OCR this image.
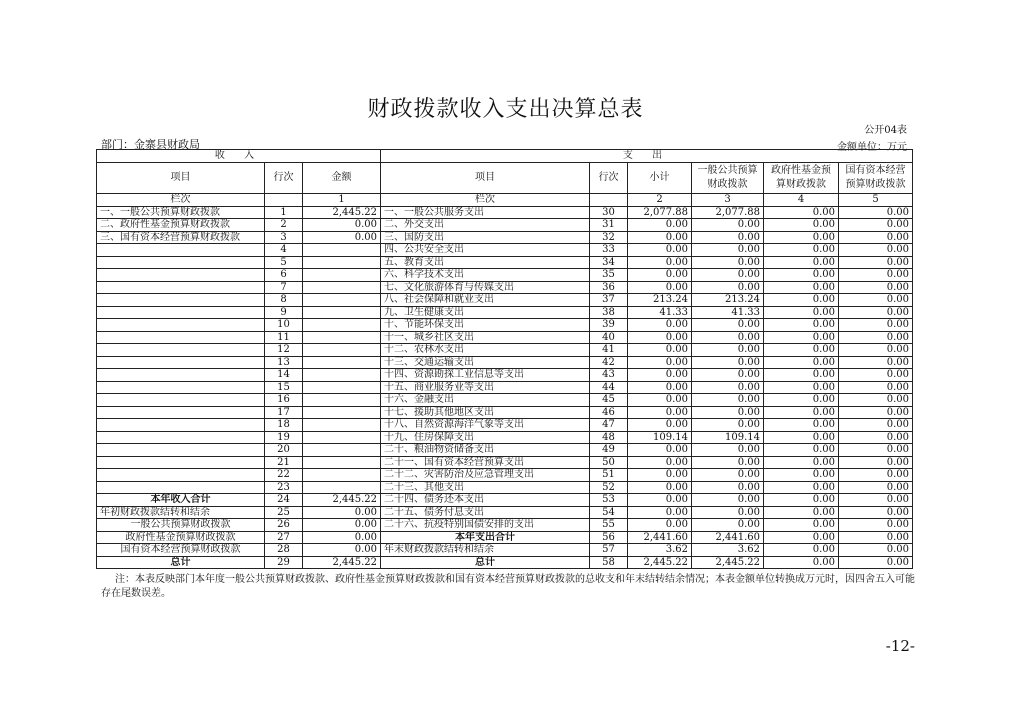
财政拨款收入支出决算总表
公开04表
部门：金寨县财政局	金额单位：万元
收 入			支 出					
项目	行次	金额	项目	行次	小计	一般公共预算财政拨款	政府性基金预算财政拨款	国有资本经营预算财政拨款
栏次		1	栏次		2	3	4	5
一、一般公共预算财政拨款	1	2,445.22	一、一般公共服务支出	30	2,077.88	2,077.88	0.00	0.00
二、政府性基金预算财政拨款	2	0.00	二、外交支出	31	0.00	0.00	0.00	0.00
三、国有资本经营预算财政拨款	3	0.00	三、国防支出	32	0.00	0.00	0.00	0.00
	4		四、公共安全支出	33	0.00	0.00	0.00	0.00
	5		五、教育支出	34	0.00	0.00	0.00	0.00
	6		六、科学技术支出	35	0.00	0.00	0.00	0.00
	7		七、文化旅游体育与传媒支出	36	0.00	0.00	0.00	0.00
	8		八、社会保障和就业支出	37	213.24	213.24	0.00	0.00
	9		九、卫生健康支出	38	41.33	41.33	0.00	0.00
	10		十、节能环保支出	39	0.00	0.00	0.00	0.00
	11		十一、城乡社区支出	40	0.00	0.00	0.00	0.00
	12		十二、农林水支出	41	0.00	0.00	0.00	0.00
	13		十三、交通运输支出	42	0.00	0.00	0.00	0.00
	14		十四、资源勘探工业信息等支出	43	0.00	0.00	0.00	0.00
	15		十五、商业服务业等支出	44	0.00	0.00	0.00	0.00
	16		十六、金融支出	45	0.00	0.00	0.00	0.00
	17		十七、援助其他地区支出	46	0.00	0.00	0.00	0.00
	18		十八、自然资源海洋气象等支出	47	0.00	0.00	0.00	0.00
	19		十九、住房保障支出	48	109.14	109.14	0.00	0.00
	20		二十、粮油物资储备支出	49	0.00	0.00	0.00	0.00
	21		二十一、国有资本经营预算支出	50	0.00	0.00	0.00	0.00
	22		二十二、灾害防治及应急管理支出	51	0.00	0.00	0.00	0.00
	23		二十三、其他支出	52	0.00	0.00	0.00	0.00
本年收入合计	24	2,445.22	二十四、债务还本支出	53	0.00	0.00	0.00	0.00
年初财政拨款结转和结余	25	0.00	二十五、债务付息支出	54	0.00	0.00	0.00	0.00
一般公共预算财政拨款	26	0.00	二十六、抗疫特别国债安排的支出	55	0.00	0.00	0.00	0.00
政府性基金预算财政拨款	27	0.00	本年支出合计	56	2,441.60	2,441.60	0.00	0.00
国有资本经营预算财政拨款	28	0.00	年末财政拨款结转和结余	57	3.62	3.62	0.00	0.00
总计	29	2,445.22	总计	58	2,445.22	2,445.22	0.00	0.00
注：本表反映部门本年度一般公共预算财政拨款、政府性基金预算财政拨款和国有资本经营预算财政拨款的总收支和年末结转结余情况；本表金额单位转换成万元时，因四舍五入可能存在尾数误差。
-12-
